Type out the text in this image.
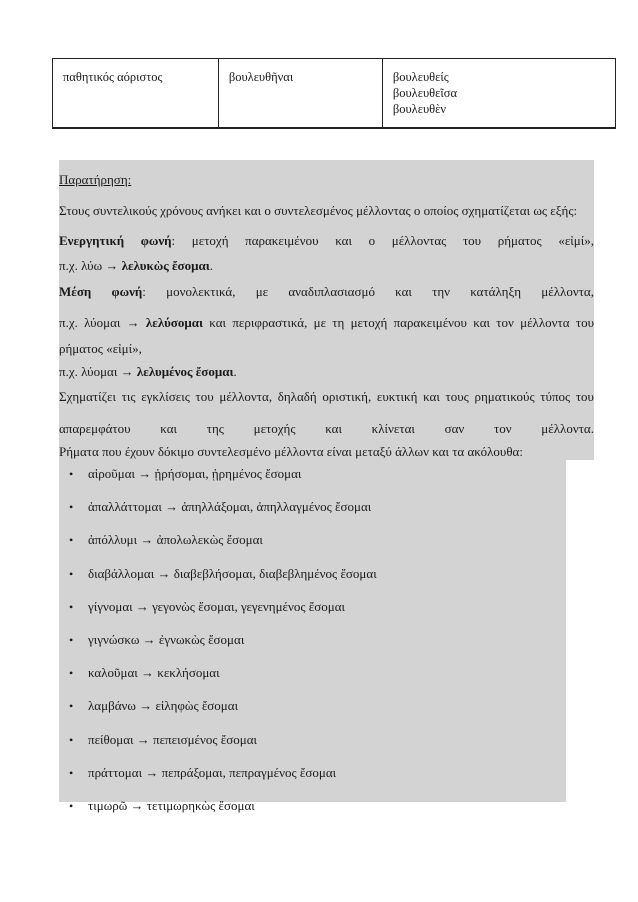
παθητικός αόριστος	βουλευθῆναι	βουλευθείς
βουλευθεῖσα
βουλευθὲν

Παρατήρηση:

Στους συντελικούς χρόνους ανήκει και ο συντελεσμένος μέλλοντας ο οποίος σχηματίζεται ως εξής:

Ενεργητική φωνή: μετοχή παρακειμένου και ο μέλλοντας του ρήματος «εἰμί»,

π.χ. λύω → λελυκὼς ἔσομαι.

Μέση φωνή: μονολεκτικά, με αναδιπλασιασμό και την κατάληξη μέλλοντα,

π.χ. λύομαι → λελύσομαι και περιφραστικά, με τη μετοχή παρακειμένου και τον μέλλοντα του

ρήματος «εἰμί»,

π.χ. λύομαι → λελυμένος ἔσομαι.

Σχηματίζει τις εγκλίσεις του μέλλοντα, δηλαδή οριστική, ευκτική και τους ρηματικούς τύπος του

απαρεμφάτου και της μετοχής και κλίνεται σαν τον μέλλοντα.

Ρήματα που έχουν δόκιμο συντελεσμένο μέλλοντα είναι μεταξύ άλλων και τα ακόλουθα:

• αἱροῦμαι → ᾑρήσομαι, ᾑρημένος ἔσομαι
• ἀπαλλάττομαι → ἀπηλλάξομαι, ἀπηλλαγμένος ἔσομαι
• ἀπόλλυμι → ἀπολωλεκὼς ἔσομαι
• διαβάλλομαι → διαβεβλήσομαι, διαβεβλημένος ἔσομαι
• γίγνομαι → γεγονὼς ἔσομαι, γεγενημένος ἔσομαι
• γιγνώσκω → ἐγνωκὼς ἔσομαι
• καλοῦμαι → κεκλήσομαι
• λαμβάνω → εἰληφὼς ἔσομαι
• πείθομαι → πεπεισμένος ἔσομαι
• πράττομαι → πεπράξομαι, πεπραγμένος ἔσομαι
• τιμωρῶ → τετιμωρηκὼς ἔσομαι
